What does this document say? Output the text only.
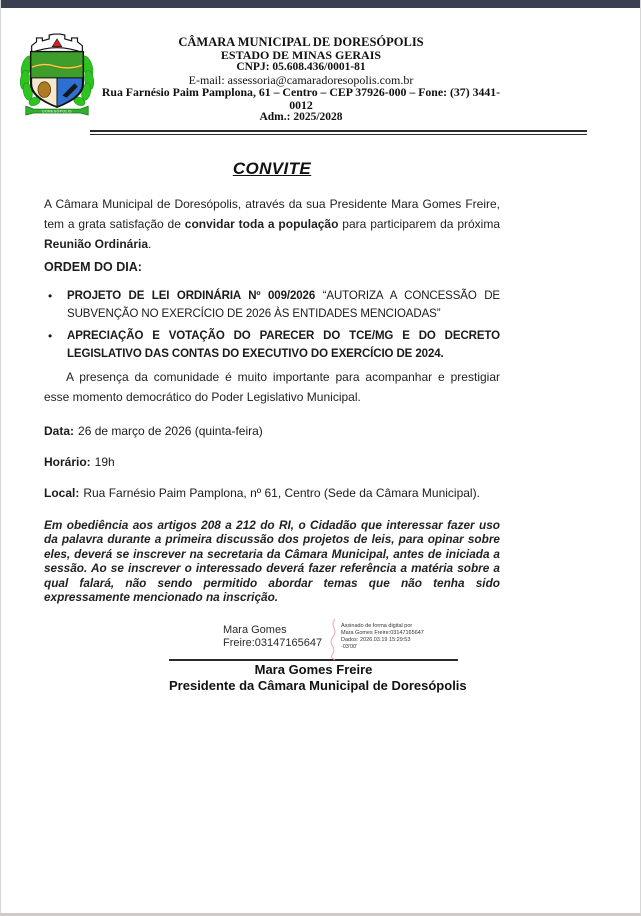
DORESÓPOLIS
CÂMARA MUNICIPAL DE DORESÓPOLIS
ESTADO DE MINAS GERAIS
CNPJ: 05.608.436/0001-81
E-mail: assessoria@camaradoresopolis.com.br
Rua Farnésio Paim Pamplona, 61 – Centro – CEP 37926-000 – Fone: (37) 3441-0012
Adm.: 2025/2028
CONVITE

A Câmara Municipal de Doresópolis, através da sua Presidente Mara Gomes Freire, tem a grata satisfação de convidar toda a população para participarem da próxima Reunião Ordinária.

ORDEM DO DIA:
•	PROJETO DE LEI ORDINÁRIA Nº 009/2026 “AUTORIZA A CONCESSÃO DE SUBVENÇÃO NO EXERCÍCIO DE 2026 ÀS ENTIDADES MENCIOADAS”
•	APRECIAÇÃO E VOTAÇÃO DO PARECER DO TCE/MG E DO DECRETO LEGISLATIVO DAS CONTAS DO EXECUTIVO DO EXERCÍCIO DE 2024.

A presença da comunidade é muito importante para acompanhar e prestigiar esse momento democrático do Poder Legislativo Municipal.

Data: 26 de março de 2026 (quinta-feira)

Horário: 19h

Local: Rua Farnésio Paim Pamplona, nº 61, Centro (Sede da Câmara Municipal).

Em obediência aos artigos 208 a 212 do RI, o Cidadão que interessar fazer uso da palavra durante a primeira discussão dos projetos de leis, para opinar sobre eles, deverá se inscrever na secretaria da Câmara Municipal, antes de iniciada a sessão. Ao se inscrever o interessado deverá fazer referência a matéria sobre a qual falará, não sendo permitido abordar temas que não tenha sido expressamente mencionado na inscrição.

Mara Gomes Freire:03147165647
Assinado de forma digital por
Mara Gomes Freire:03147165647
Dados: 2026.03.19 15:29:53
-03'00'
Mara Gomes Freire
Presidente da Câmara Municipal de Doresópolis
